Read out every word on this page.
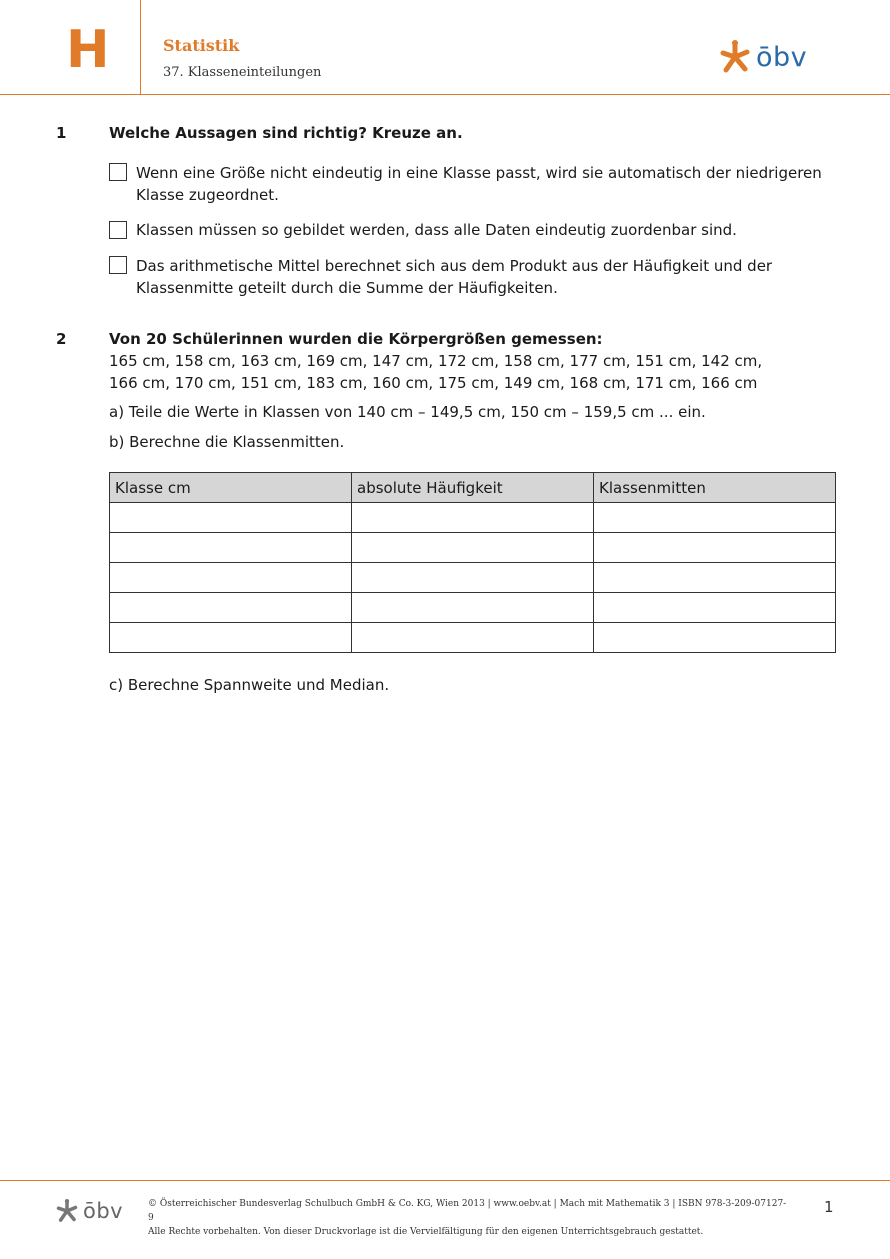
H	Statistik
37. Klasseneinteilungen	ōbv
1	Welche Aussagen sind richtig? Kreuze an.
Wenn eine Größe nicht eindeutig in eine Klasse passt, wird sie automatisch der niedrigeren
Klasse zugeordnet.
Klassen müssen so gebildet werden, dass alle Daten eindeutig zuordenbar sind.
Das arithmetische Mittel berechnet sich aus dem Produkt aus der Häufigkeit und der
Klassenmitte geteilt durch die Summe der Häufigkeiten.
2	Von 20 Schülerinnen wurden die Körpergrößen gemessen:
165 cm, 158 cm, 163 cm, 169 cm, 147 cm, 172 cm, 158 cm, 177 cm, 151 cm, 142 cm,
166 cm, 170 cm, 151 cm, 183 cm, 160 cm, 175 cm, 149 cm, 168 cm, 171 cm, 166 cm
a) Teile die Werte in Klassen von 140 cm – 149,5 cm, 150 cm – 159,5 cm ... ein.
b) Berechne die Klassenmitten.
Klasse cm	absolute Häufigkeit	Klassenmitten

c) Berechne Spannweite und Median.
ōbv	© Österreichischer Bundesverlag Schulbuch GmbH & Co. KG, Wien 2013 | www.oebv.at | Mach mit Mathematik 3 | ISBN 978-3-209-07127-9
Alle Rechte vorbehalten. Von dieser Druckvorlage ist die Vervielfältigung für den eigenen Unterrichtsgebrauch gestattet.
1
